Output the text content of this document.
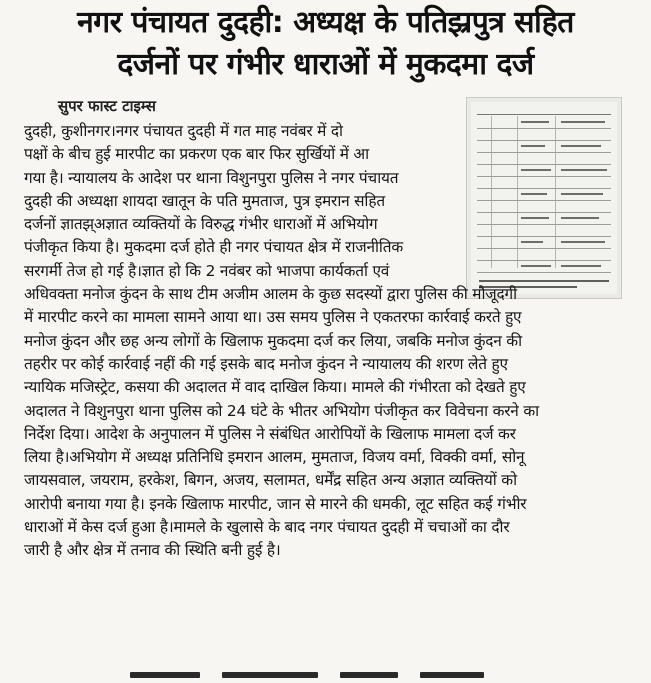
नगर पंचायत दुदही: अध्यक्ष के पतिझ्रपुत्र सहित
दर्जनों पर गंभीर धाराओं में मुकदमा दर्ज
सुपर फास्ट टाइम्स
दुदही, कुशीनगर।नगर पंचायत दुदही में गत माह नवंबर में दो
पक्षों के बीच हुई मारपीट का प्रकरण एक बार फिर सुर्खियों में आ
गया है। न्यायालय के आदेश पर थाना विशुनपुरा पुलिस ने नगर पंचायत
दुदही की अध्यक्षा शायदा खातून के पति मुमताज, पुत्र इमरान सहित
दर्जनों ज्ञातझ्अज्ञात व्यक्तियों के विरुद्ध गंभीर धाराओं में अभियोग
पंजीकृत किया है। मुकदमा दर्ज होते ही नगर पंचायत क्षेत्र में राजनीतिक
सरगर्मी तेज हो गई है।ज्ञात हो कि 2 नवंबर को भाजपा कार्यकर्ता एवं
अधिवक्ता मनोज कुंदन के साथ टीम अजीम आलम के कुछ सदस्यों द्वारा पुलिस की मौजूदगी
में मारपीट करने का मामला सामने आया था। उस समय पुलिस ने एकतरफा कार्रवाई करते हुए
मनोज कुंदन और छह अन्य लोगों के खिलाफ मुकदमा दर्ज कर लिया, जबकि मनोज कुंदन की
तहरीर पर कोई कार्रवाई नहीं की गई इसके बाद मनोज कुंदन ने न्यायालय की शरण लेते हुए
न्यायिक मजिस्ट्रेट, कसया की अदालत में वाद दाखिल किया। मामले की गंभीरता को देखते हुए
अदालत ने विशुनपुरा थाना पुलिस को 24 घंटे के भीतर अभियोग पंजीकृत कर विवेचना करने का
निर्देश दिया। आदेश के अनुपालन में पुलिस ने संबंधित आरोपियों के खिलाफ मामला दर्ज कर
लिया है।अभियोग में अध्यक्ष प्रतिनिधि इमरान आलम, मुमताज, विजय वर्मा, विक्की वर्मा, सोनू
जायसवाल, जयराम, हरकेश, बिगन, अजय, सलामत, धर्मेंद्र सहित अन्य अज्ञात व्यक्तियों को
आरोपी बनाया गया है। इनके खिलाफ मारपीट, जान से मारने की धमकी, लूट सहित कई गंभीर
धाराओं में केस दर्ज हुआ है।मामले के खुलासे के बाद नगर पंचायत दुदही में चचाओं का दौर
जारी है और क्षेत्र में तनाव की स्थिति बनी हुई है।
